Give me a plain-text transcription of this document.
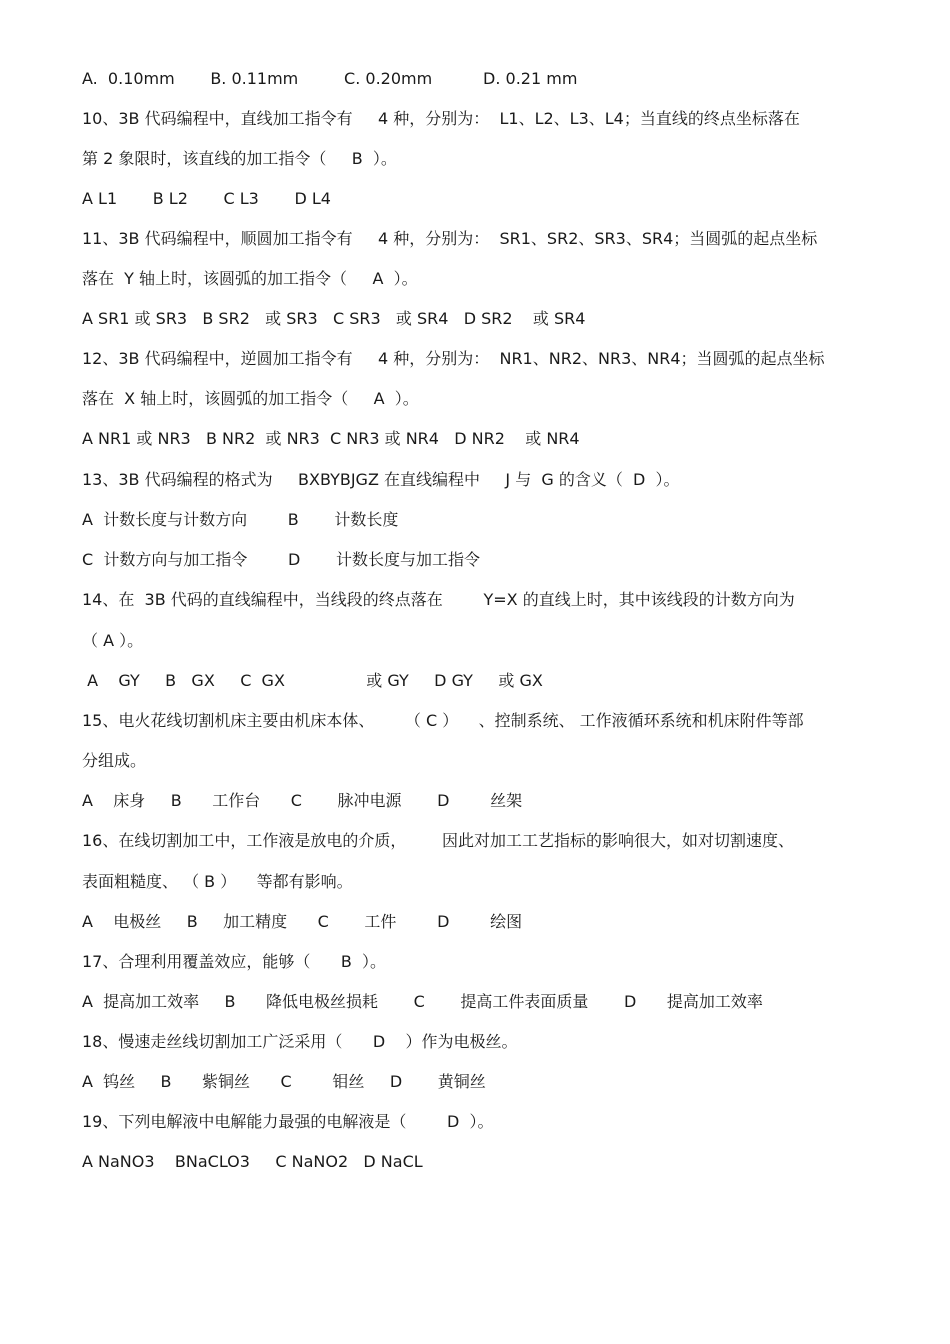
A.  0.10mm       B. 0.11mm         C. 0.20mm          D. 0.21 mm
10、3B 代码编程中，直线加工指令有     4 种，分别为：  L1、L2、L3、L4；当直线的终点坐标落在
第 2 象限时，该直线的加工指令（     B  ）。
A L1       B L2       C L3       D L4
11、3B 代码编程中，顺圆加工指令有     4 种，分别为：  SR1、SR2、SR3、SR4；当圆弧的起点坐标
落在  Y 轴上时，该圆弧的加工指令（     A  ）。
A SR1 或 SR3   B SR2   或 SR3   C SR3   或 SR4   D SR2    或 SR4
12、3B 代码编程中，逆圆加工指令有     4 种，分别为：  NR1、NR2、NR3、NR4；当圆弧的起点坐标
落在  X 轴上时，该圆弧的加工指令（     A  ）。
A NR1 或 NR3   B NR2  或 NR3  C NR3 或 NR4   D NR2    或 NR4
13、3B 代码编程的格式为     BXBYBJGZ 在直线编程中     J 与  G 的含义（  D  ）。
A  计数长度与计数方向        B       计数长度
C  计数方向与加工指令        D       计数长度与加工指令
14、在  3B 代码的直线编程中，当线段的终点落在        Y=X 的直线上时，其中该线段的计数方向为
（ A ）。
A    GY     B   GX     C  GX                或 GY     D GY     或 GX
15、电火花线切割机床主要由机床本体、      （ C ）    、控制系统、 工作液循环系统和机床附件等部
分组成。
A    床身     B      工作台      C       脉冲电源       D        丝架
16、在线切割加工中，工作液是放电的介质，       因此对加工工艺指标的影响很大，如对切割速度、
表面粗糙度、 （ B ）    等都有影响。
A    电极丝     B     加工精度      C       工件        D        绘图
17、合理利用覆盖效应，能够（      B  ）。
A  提高加工效率     B      降低电极丝损耗       C       提高工件表面质量       D      提高加工效率
18、慢速走丝线切割加工广泛采用（      D    ）作为电极丝。
A  钨丝     B      紫铜丝      C        钼丝     D       黄铜丝
19、下列电解液中电解能力最强的电解液是（        D  ）。
A NaNO3    BNaCLO3     C NaNO2   D NaCL
